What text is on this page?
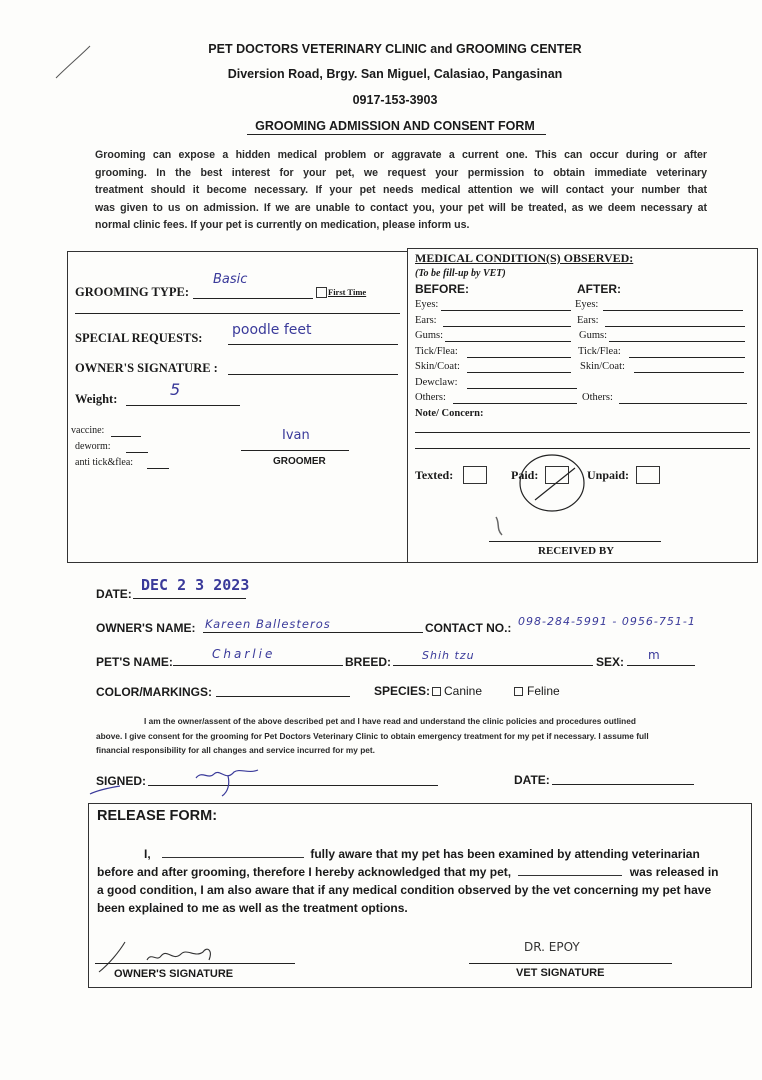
PET DOCTORS VETERINARY CLINIC and GROOMING CENTER
Diversion Road, Brgy. San Miguel, Calasiao, Pangasinan
0917-153-3903
GROOMING ADMISSION AND CONSENT FORM
Grooming can expose a hidden medical problem or aggravate a current one. This can occur during or after
grooming. In the best interest for your pet, we request your permission to obtain immediate veterinary
treatment should it become necessary. If your pet needs medical attention we will contact your number that
was given to us on admission. If we are unable to contact you, your pet will be treated, as we deem necessary at
normal clinic fees. If your pet is currently on medication, please inform us.
GROOMING TYPE:
Basic
First Time
SPECIAL REQUESTS: poodle feet
OWNER'S SIGNATURE :
Weight:	5
vaccine:
deworm:
anti tick&flea:
Ivan
GROOMER
MEDICAL CONDITION(S) OBSERVED:
(To be fill-up by VET)
BEFORE:	AFTER:
Eyes:	Eyes:
Ears:	Ears:
Gums:	Gums:
Tick/Flea:	Tick/Flea:
Skin/Coat:	Skin/Coat:
Dewclaw:
Others:	Others:
Note/ Concern:
Texted:	Paid:	Unpaid:
RECEIVED BY
DATE: DEC 2 3 2023
OWNER'S NAME: Kareen Ballesteros	CONTACT NO.: 098-284-5991 - 0956-751-1
PET'S NAME:
Charlie
BREED:	Shih tzu	SEX: m
COLOR/MARKINGS:	SPECIES: Canine	Feline
I am the owner/assent of the above described pet and I have read and understand the clinic policies and procedures outlined
above. I give consent for the grooming for Pet Doctors Veterinary Clinic to obtain emergency treatment for my pet if necessary. I assume full
financial responsibility for all changes and service incurred for my pet.
SIGNED:	DATE:
RELEASE FORM:
I,	fully aware that my pet has been examined by attending veterinarian
before and after grooming, therefore I hereby acknowledged that my pet,	was released in
a good condition, I am also aware that if any medical condition observed by the vet concerning my pet have
been explained to me as well as the treatment options.
OWNER'S SIGNATURE
DR. EPOY
VET SIGNATURE
